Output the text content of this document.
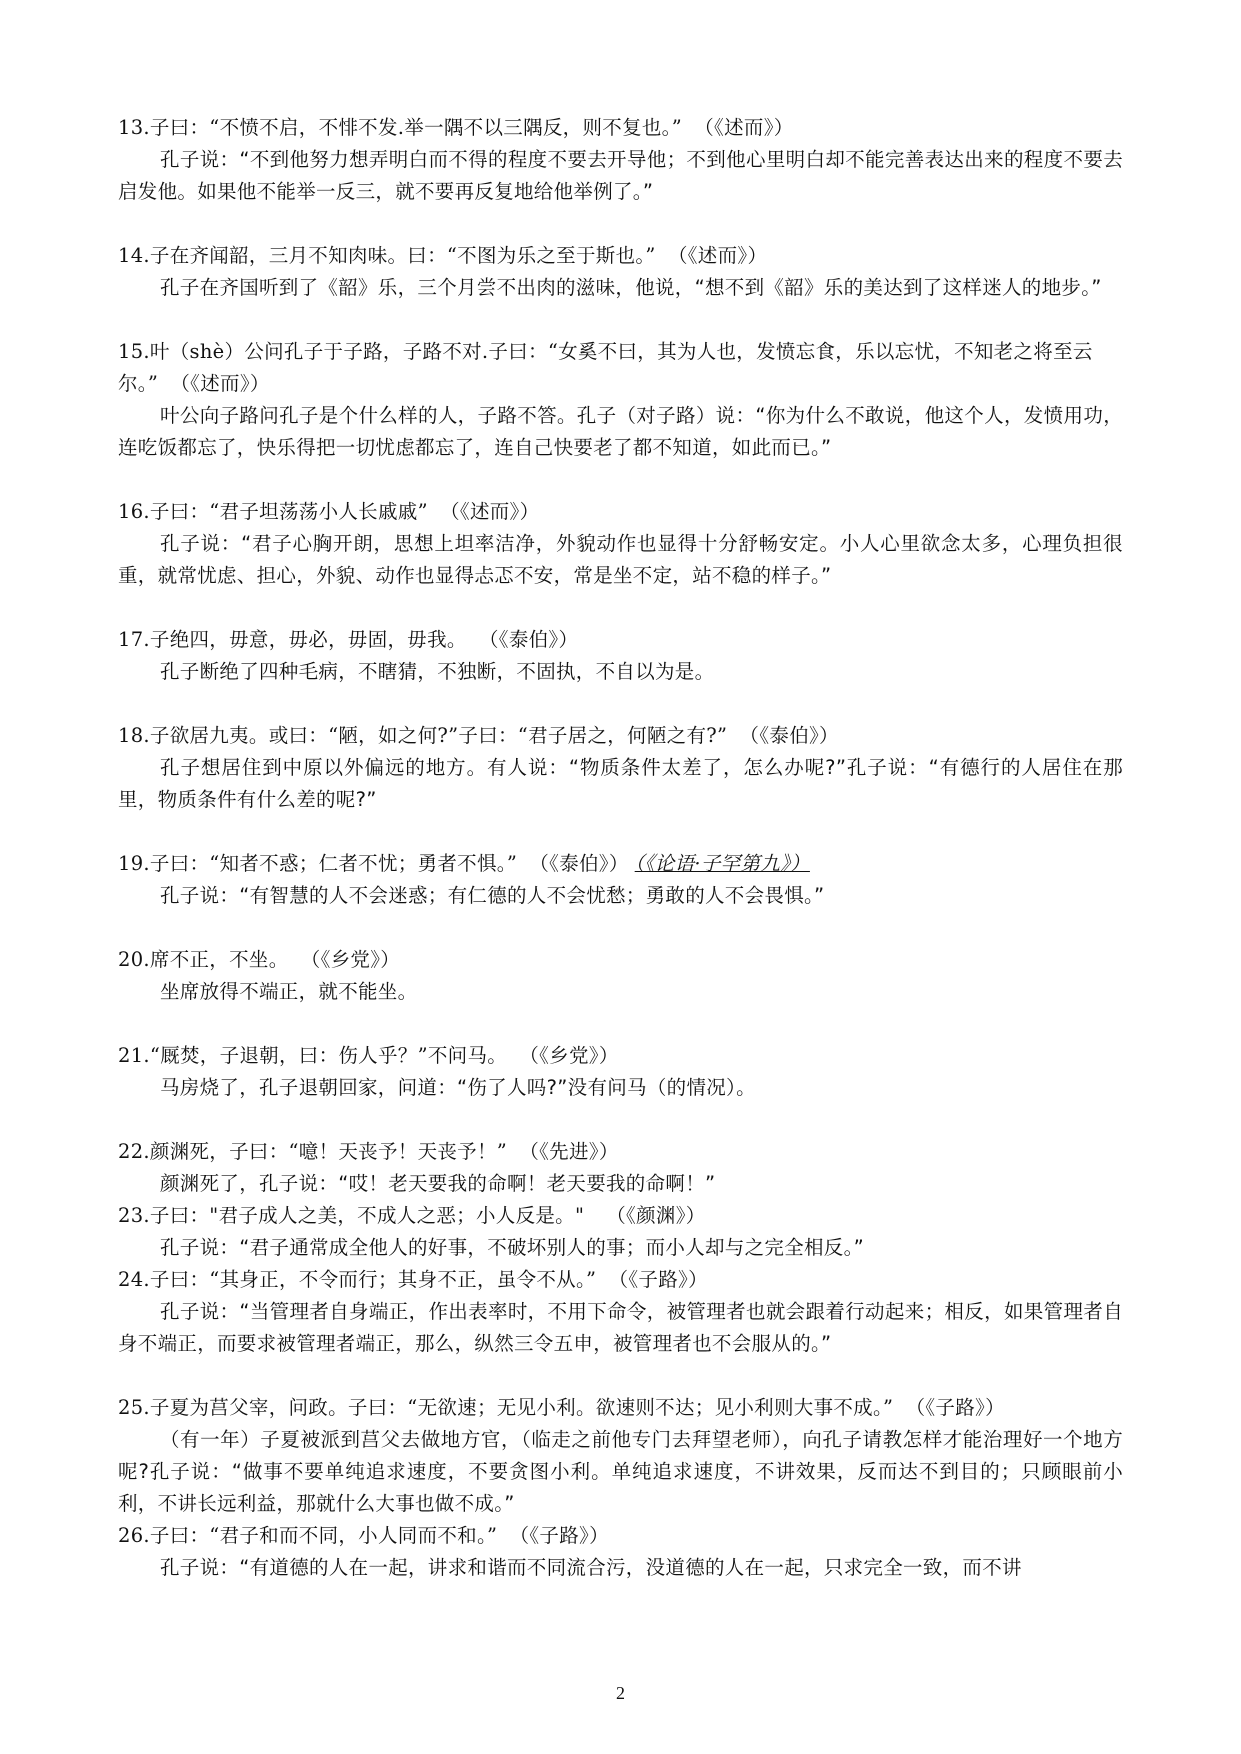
13.子曰：“不愤不启，不悱不发.举一隅不以三隅反，则不复也。” （《述而》）

孔子说：“不到他努力想弄明白而不得的程度不要去开导他；不到他心里明白却不能完善表达出来的程度不要去启发他。如果他不能举一反三，就不要再反复地给他举例了。”

14.子在齐闻韶，三月不知肉味。曰：“不图为乐之至于斯也。” （《述而》）

孔子在齐国听到了《韶》乐，三个月尝不出肉的滋味，他说，“想不到《韶》乐的美达到了这样迷人的地步。”

15.叶（shè）公问孔子于子路，子路不对.子曰：“女奚不曰，其为人也，发愤忘食，乐以忘忧，不知老之将至云尔。” （《述而》）

叶公向子路问孔子是个什么样的人，子路不答。孔子（对子路）说：“你为什么不敢说，他这个人，发愤用功，连吃饭都忘了，快乐得把一切忧虑都忘了，连自己快要老了都不知道，如此而已。”

16.子曰：“君子坦荡荡小人长戚戚” （《述而》）

孔子说：“君子心胸开朗，思想上坦率洁净，外貌动作也显得十分舒畅安定。小人心里欲念太多，心理负担很重，就常忧虑、担心，外貌、动作也显得忐忑不安，常是坐不定，站不稳的样子。”

17.子绝四，毋意，毋必，毋固，毋我。 （《泰伯》）

孔子断绝了四种毛病，不瞎猜，不独断，不固执，不自以为是。

18.子欲居九夷。或曰：“陋，如之何?”子曰：“君子居之，何陋之有?” （《泰伯》）

孔子想居住到中原以外偏远的地方。有人说：“物质条件太差了，怎么办呢?”孔子说：“有德行的人居住在那里，物质条件有什么差的呢?”

19.子曰：“知者不惑；仁者不忧；勇者不惧。” （《泰伯》） （《论语·子罕第九》）

孔子说：“有智慧的人不会迷惑；有仁德的人不会忧愁；勇敢的人不会畏惧。”

20.席不正，不坐。 （《乡党》）

坐席放得不端正，就不能坐。

21.“厩焚，子退朝，曰：伤人乎？”不问马。 （《乡党》）

马房烧了，孔子退朝回家，问道：“伤了人吗?”没有问马（的情况）。

22.颜渊死，子曰：“噫！天丧予！天丧予！” （《先进》）

颜渊死了，孔子说：“哎！老天要我的命啊！老天要我的命啊！”

23.子曰："君子成人之美，不成人之恶；小人反是。" （《颜渊》）

孔子说：“君子通常成全他人的好事，不破坏别人的事；而小人却与之完全相反。”

24.子曰：“其身正，不令而行；其身不正，虽令不从。” （《子路》）

孔子说：“当管理者自身端正，作出表率时，不用下命令，被管理者也就会跟着行动起来；相反，如果管理者自身不端正，而要求被管理者端正，那么，纵然三令五申，被管理者也不会服从的。”

25.子夏为莒父宰，问政。子曰：“无欲速；无见小利。欲速则不达；见小利则大事不成。” （《子路》）

（有一年）子夏被派到莒父去做地方官，（临走之前他专门去拜望老师），向孔子请教怎样才能治理好一个地方呢?孔子说：“做事不要单纯追求速度，不要贪图小利。单纯追求速度，不讲效果，反而达不到目的；只顾眼前小利，不讲长远利益，那就什么大事也做不成。”

26.子曰：“君子和而不同，小人同而不和。” （《子路》）

孔子说：“有道德的人在一起，讲求和谐而不同流合污，没道德的人在一起，只求完全一致，而不讲

2
